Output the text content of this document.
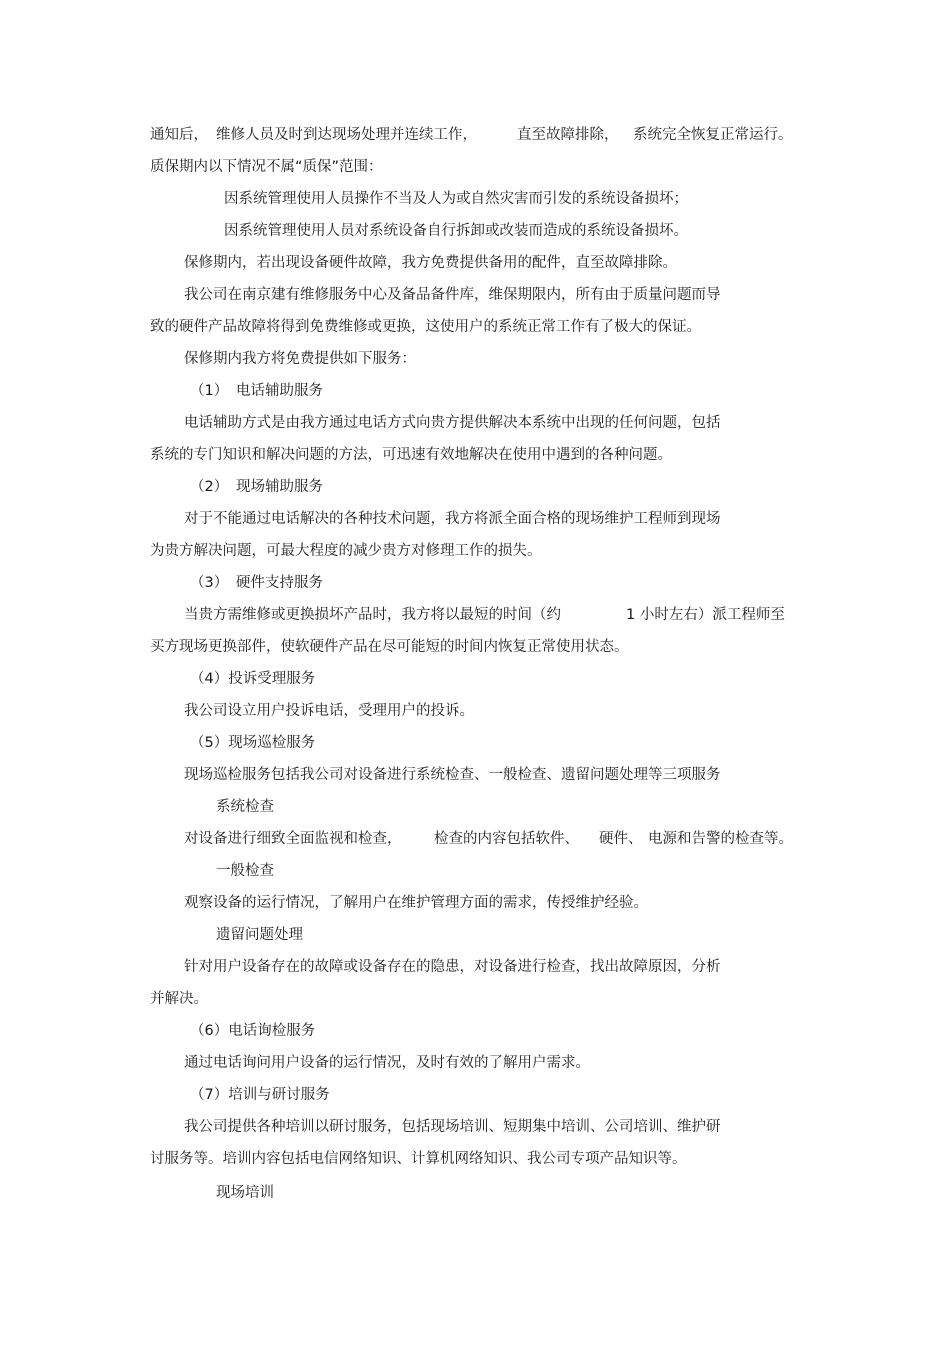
通知后， 维修人员及时到达现场处理并连续工作，	直至故障排除， 系统完全恢复正常运行。
质保期内以下情况不属“质保”范围：
因系统管理使用人员操作不当及人为或自然灾害而引发的系统设备损坏；
因系统管理使用人员对系统设备自行拆卸或改装而造成的系统设备损坏。
保修期内，若出现设备硬件故障，我方免费提供备用的配件，直至故障排除。
我公司在南京建有维修服务中心及备品备件库，维保期限内，所有由于质量问题而导
致的硬件产品故障将得到免费维修或更换，这使用户的系统正常工作有了极大的保证。
保修期内我方将免费提供如下服务：
（1） 电话辅助服务
电话辅助方式是由我方通过电话方式向贵方提供解决本系统中出现的任何问题，包括
系统的专门知识和解决问题的方法，可迅速有效地解决在使用中遇到的各种问题。
（2） 现场辅助服务
对于不能通过电话解决的各种技术问题，我方将派全面合格的现场维护工程师到现场
为贵方解决问题，可最大程度的减少贵方对修理工作的损失。
（3） 硬件支持服务
当贵方需维修或更换损坏产品时，我方将以最短的时间（约	1 小时左右）派工程师至
买方现场更换部件，使软硬件产品在尽可能短的时间内恢复正常使用状态。
（4）投诉受理服务
我公司设立用户投诉电话，受理用户的投诉。
（5）现场巡检服务
现场巡检服务包括我公司对设备进行系统检查、一般检查、遗留问题处理等三项服务
系统检查
对设备进行细致全面监视和检查， 检查的内容包括软件、 硬件、 电源和告警的检查等。
一般检查
观察设备的运行情况，了解用户在维护管理方面的需求，传授维护经验。
遗留问题处理
针对用户设备存在的故障或设备存在的隐患，对设备进行检查，找出故障原因，分析
并解决。
（6）电话询检服务
通过电话询问用户设备的运行情况，及时有效的了解用户需求。
（7）培训与研讨服务
我公司提供各种培训以研讨服务，包括现场培训、短期集中培训、公司培训、维护研
讨服务等。培训内容包括电信网络知识、计算机网络知识、我公司专项产品知识等。
现场培训
